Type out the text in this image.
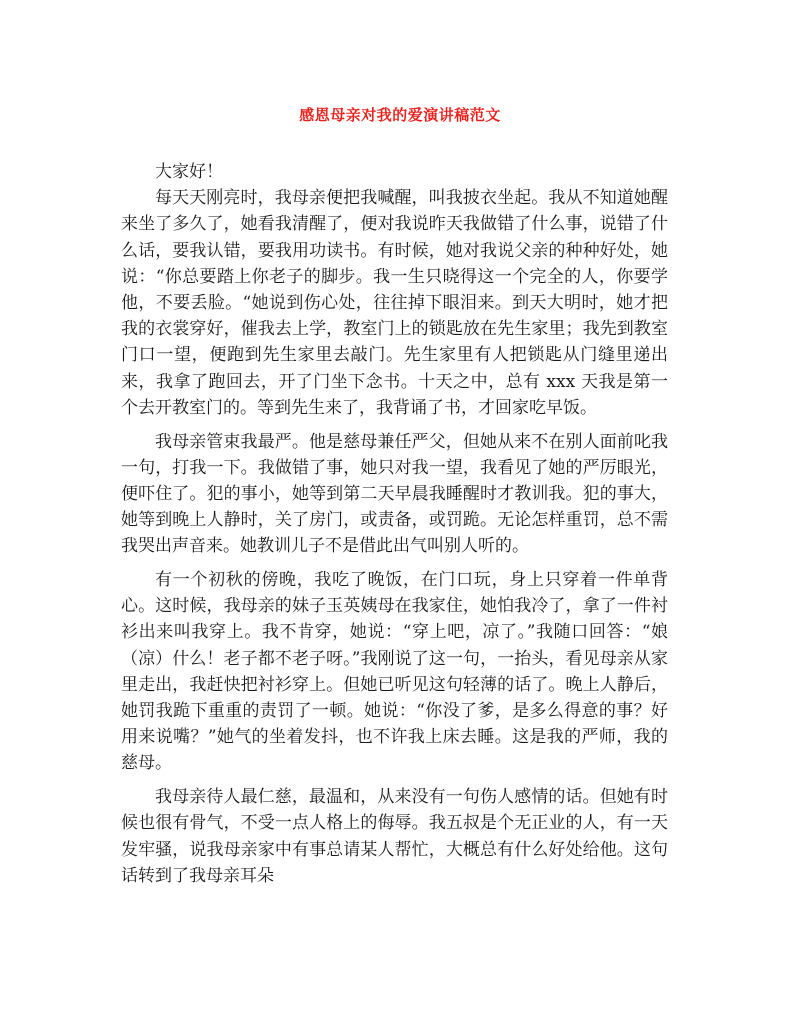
感恩母亲对我的爱演讲稿范文

大家好！

每天天刚亮时，我母亲便把我喊醒，叫我披衣坐起。我从不知道她醒来坐了多久了，她看我清醒了，便对我说昨天我做错了什么事，说错了什么话，要我认错，要我用功读书。有时候，她对我说父亲的种种好处，她说：“你总要踏上你老子的脚步。我一生只晓得这一个完全的人，你要学他，不要丢脸。“她说到伤心处，往往掉下眼泪来。到天大明时，她才把我的衣裳穿好，催我去上学，教室门上的锁匙放在先生家里；我先到教室门口一望，便跑到先生家里去敲门。先生家里有人把锁匙从门缝里递出来，我拿了跑回去，开了门坐下念书。十天之中，总有 xxx 天我是第一个去开教室门的。等到先生来了，我背诵了书，才回家吃早饭。

我母亲管束我最严。他是慈母兼任严父，但她从来不在别人面前叱我一句，打我一下。我做错了事，她只对我一望，我看见了她的严厉眼光，便吓住了。犯的事小，她等到第二天早晨我睡醒时才教训我。犯的事大，她等到晚上人静时，关了房门，或责备，或罚跪。无论怎样重罚，总不需我哭出声音来。她教训儿子不是借此出气叫别人听的。

有一个初秋的傍晚，我吃了晚饭，在门口玩，身上只穿着一件单背心。这时候，我母亲的妹子玉英姨母在我家住，她怕我冷了，拿了一件衬衫出来叫我穿上。我不肯穿，她说：“穿上吧，凉了。”我随口回答：“娘（凉）什么！老子都不老子呀。”我刚说了这一句，一抬头，看见母亲从家里走出，我赶快把衬衫穿上。但她已听见这句轻薄的话了。晚上人静后，她罚我跪下重重的责罚了一顿。她说：“你没了爹，是多么得意的事？好用来说嘴？”她气的坐着发抖，也不许我上床去睡。这是我的严师，我的慈母。

我母亲待人最仁慈，最温和，从来没有一句伤人感情的话。但她有时候也很有骨气，不受一点人格上的侮辱。我五叔是个无正业的人，有一天发牢骚，说我母亲家中有事总请某人帮忙，大概总有什么好处给他。这句话转到了我母亲耳朵
